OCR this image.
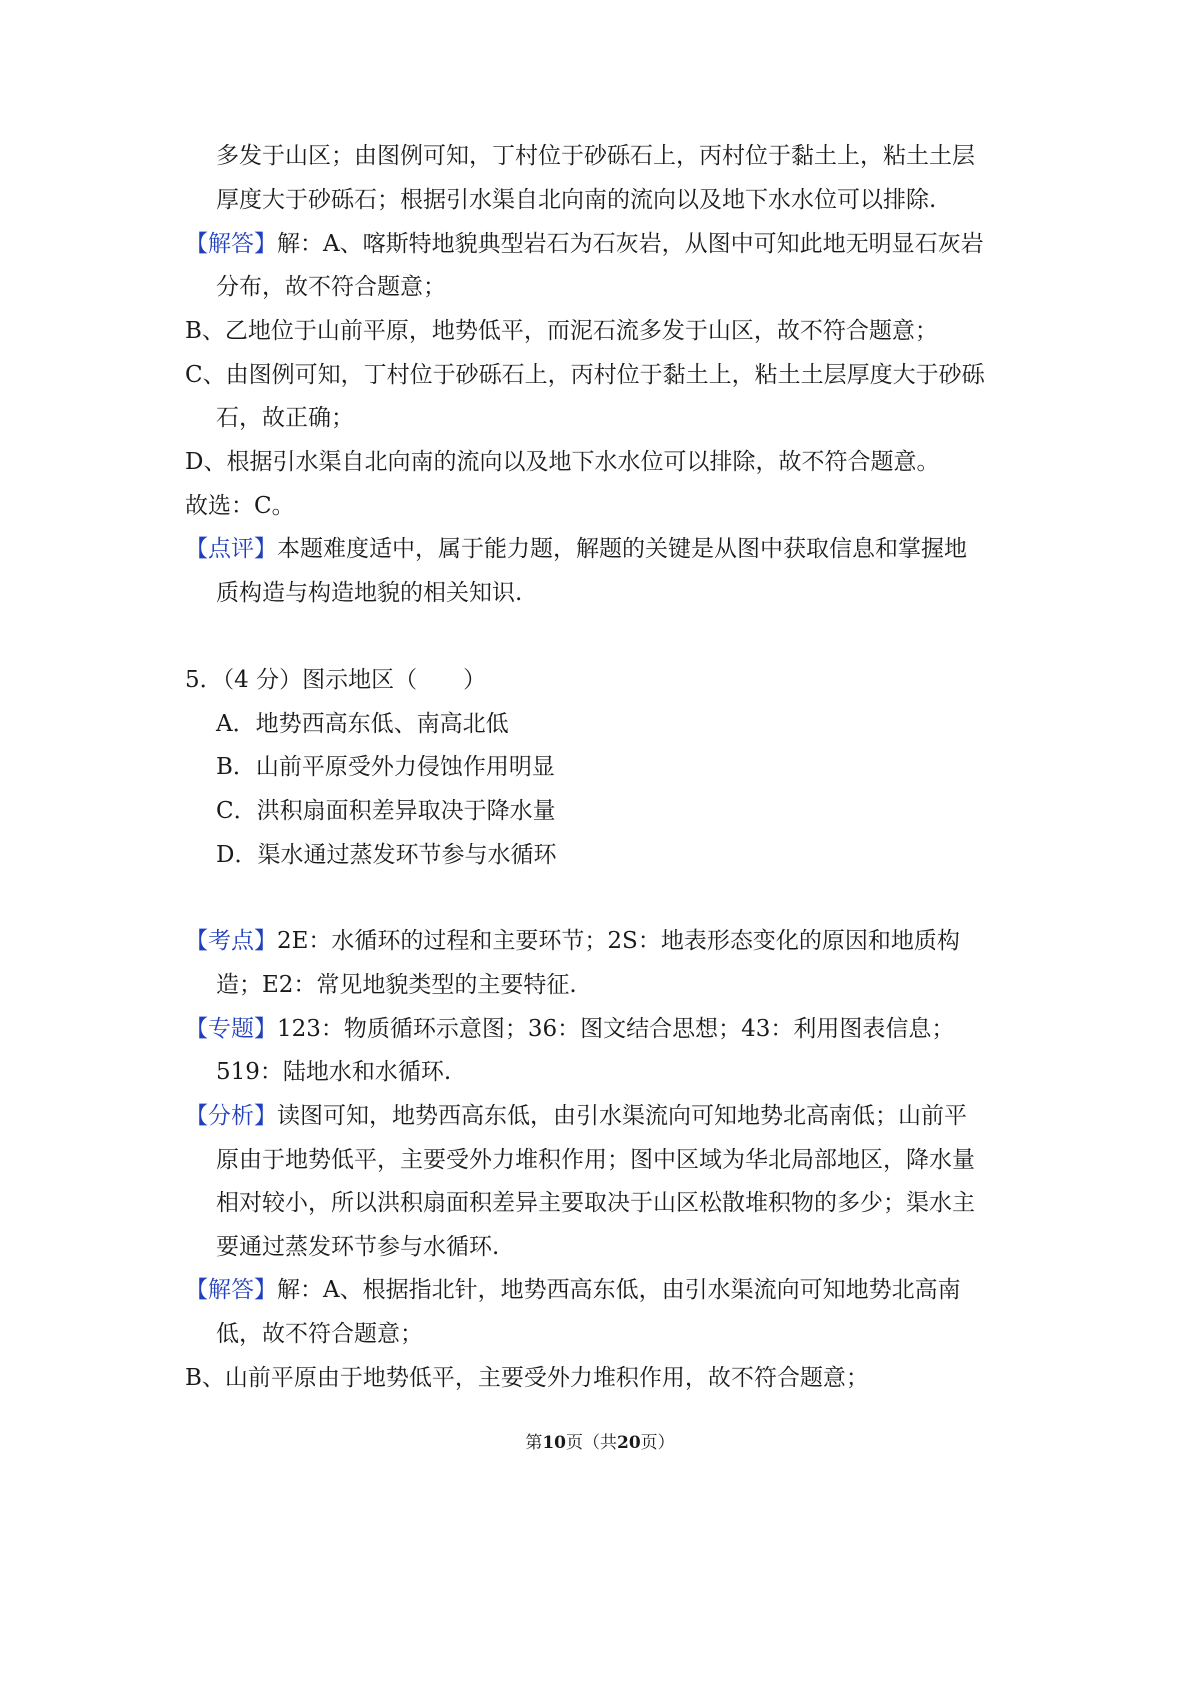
多发于山区；由图例可知，丁村位于砂砾石上，丙村位于黏土上，粘土土层
厚度大于砂砾石；根据引水渠自北向南的流向以及地下水水位可以排除.
【解答】解：A、喀斯特地貌典型岩石为石灰岩，从图中可知此地无明显石灰岩
分布，故不符合题意；
B、乙地位于山前平原，地势低平，而泥石流多发于山区，故不符合题意；
C、由图例可知，丁村位于砂砾石上，丙村位于黏土上，粘土土层厚度大于砂砾
石，故正确；
D、根据引水渠自北向南的流向以及地下水水位可以排除，故不符合题意。
故选：C。
【点评】本题难度适中，属于能力题，解题的关键是从图中获取信息和掌握地
质构造与构造地貌的相关知识.
5．（4 分）图示地区（　　）
A．地势西高东低、南高北低
B．山前平原受外力侵蚀作用明显
C．洪积扇面积差异取决于降水量
D．渠水通过蒸发环节参与水循环
【考点】2E：水循环的过程和主要环节；2S：地表形态变化的原因和地质构
造；E2：常见地貌类型的主要特征.
【专题】123：物质循环示意图；36：图文结合思想；43：利用图表信息；
519：陆地水和水循环.
【分析】读图可知，地势西高东低，由引水渠流向可知地势北高南低；山前平
原由于地势低平，主要受外力堆积作用；图中区域为华北局部地区，降水量
相对较小，所以洪积扇面积差异主要取决于山区松散堆积物的多少；渠水主
要通过蒸发环节参与水循环.
【解答】解：A、根据指北针，地势西高东低，由引水渠流向可知地势北高南
低，故不符合题意；
B、山前平原由于地势低平，主要受外力堆积作用，故不符合题意；
第10页（共20页）
